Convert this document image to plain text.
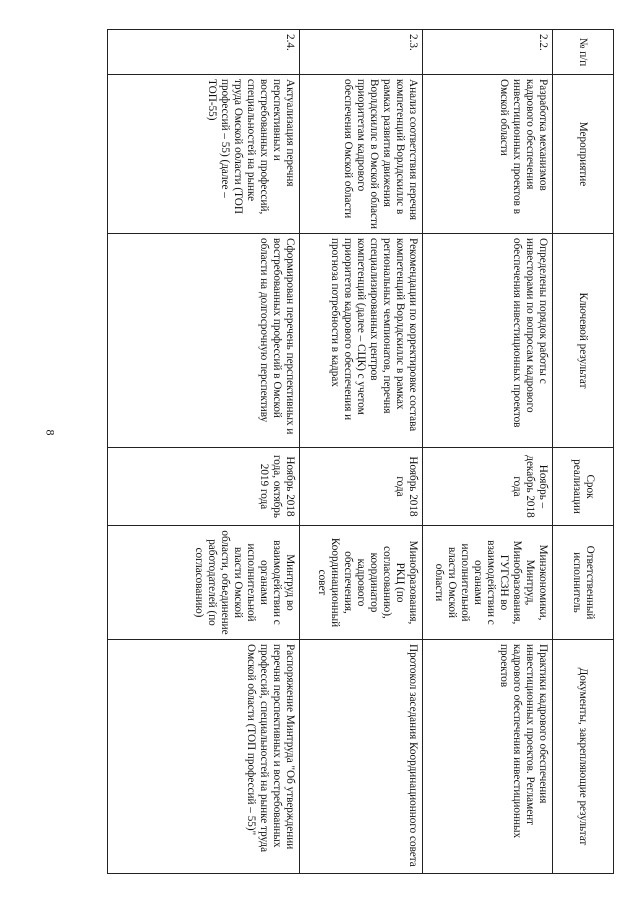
8
№ п/п	Мероприятие	Ключевой результат	Срок реализации	Ответственный исполнитель	Документы, закрепляющие результат
2.2.	Разработка механизмов кадрового обеспечения инвестиционных проектов в Омской области	Определены порядок работы с инвесторами по вопросам кадрового обеспечения инвестиционных проектов	Ноябрь – декабрь 2018 года	Минэкономики, Минтруд, Минобразования, ГУГСЗН во взаимодействии с органами исполнительной власти Омской области	Практики кадрового обеспечения инвестиционных проектов. Регламент кадрового обеспечения инвестиционных проектов
2.3.	Анализ соответствия перечня компетенций Ворлдскиллс в рамках развития движения Ворлдскиллс в Омской области приоритетам кадрового обеспечения Омской области	Рекомендации по корректировке состава компетенций Ворлдскиллс в рамках региональных чемпионатов, перечня специализированных центров компетенций (далее – СЦК) с учетом приоритетов кадрового обеспечения и прогноза потребности в кадрах	Ноябрь 2018 года	Минобразования, РКЦ (по согласованию), координатор кадрового обеспечения, Координационный совет	Протокол заседания Координационного совета
2.4.	Актуализация перечня перспективных и востребованных профессий, специальностей на рынке труда Омской области (ТОП профессий – 55) (далее – ТОП-55)	Сформирован перечень перспективных и востребованных профессий в Омской области на долгосрочную перспективу	Ноябрь 2018 года, октябрь 2019 года	Минтруд во взаимодействии с органами исполнительной власти Омской области, объединение работодателей (по согласованию)	Распоряжение Минтруда "Об утверждении перечня перспективных и востребованных профессий, специальностей на рынке труда Омской области (ТОП профессий – 55)"
